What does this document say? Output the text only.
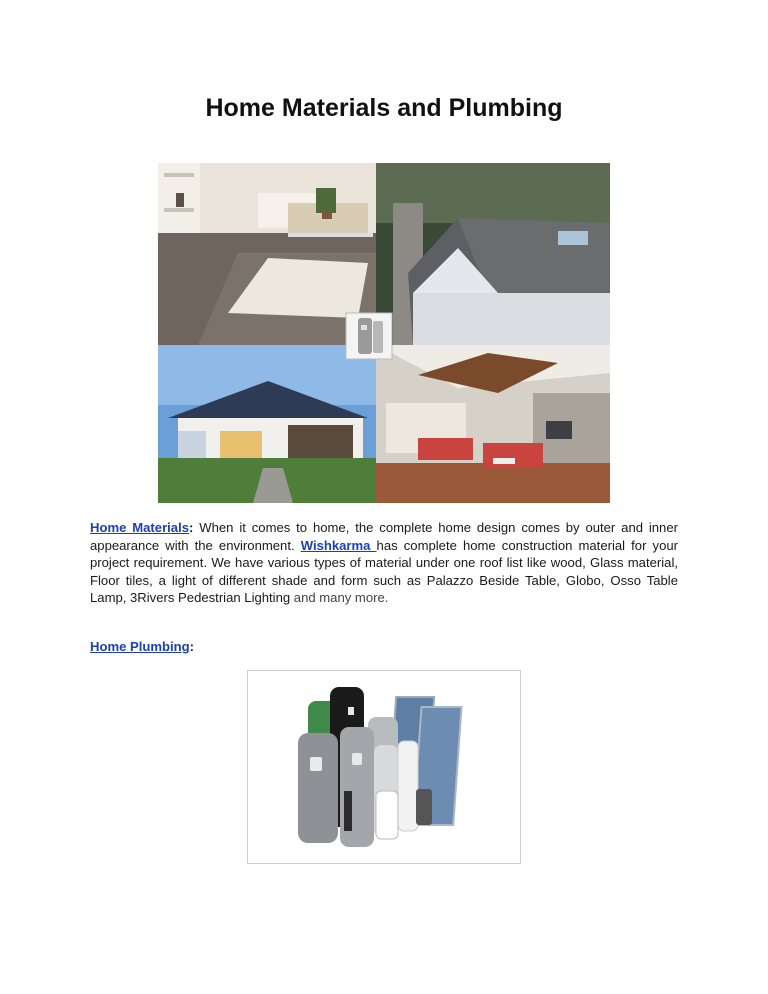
Home Materials and Plumbing

Home Materials: When it comes to home, the complete home design comes by outer and inner appearance with the environment. Wishkarma has complete home construction material for your project requirement. We have various types of material under one roof list like wood, Glass material, Floor tiles, a light of different shade and form such as Palazzo Beside Table, Globo, Osso Table Lamp, 3Rivers Pedestrian Lighting and many more.

Home Plumbing:
